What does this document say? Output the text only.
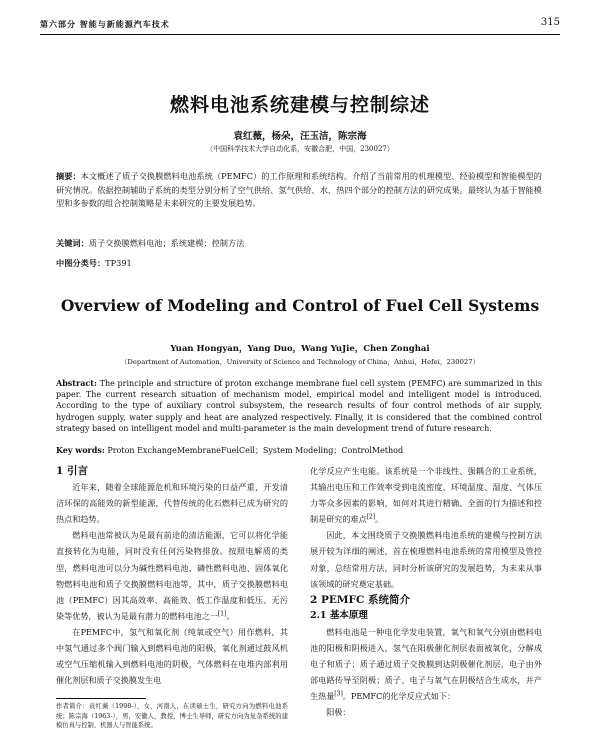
第六部分 智能与新能源汽车技术	315
燃料电池系统建模与控制综述
袁红薇，杨朵，汪玉洁，陈宗海
（中国科学技术大学自动化系，安徽合肥，中国，230027）
摘要：本文概述了质子交换膜燃料电池系统（PEMFC）的工作原理和系统结构。介绍了当前常用的机理模型、经验模型和智能模型的研究情况。依据控制辅助子系统的类型分别分析了空气供给、氢气供给、水、热四个部分的控制方法的研究成果。最终认为基于智能模型和多参数的组合控制策略是未来研究的主要发展趋势。
关键词：质子交换膜燃料电池；系统建模；控制方法
中图分类号：TP391
Overview of Modeling and Control of Fuel Cell Systems
Yuan Hongyan，Yang Duo，Wang YuJie，Chen Zonghai
（Department of Automation，University of Science and Technology of China，Anhui，Hefei，230027）
Abstract: The principle and structure of proton exchange membrane fuel cell system (PEMFC) are summarized in this paper. The current research situation of mechanism model, empirical model and intelligent model is introduced. According to the type of auxiliary control subsystem, the research results of four control methods of air supply, hydrogen supply, water supply and heat are analyzed respectively. Finally, it is considered that the combined control strategy based on intelligent model and multi-parameter is the main development trend of future research.
Key words: Proton ExchangeMembraneFuelCell；System Modeling；ControlMethod

1 引言

近年来，随着全球能源危机和环境污染的日益严重，开发清洁环保的高能效的新型能源，代替传统的化石燃料已成为研究的热点和趋势。

燃料电池常被认为是最有前途的清洁能源，它可以将化学能直接转化为电能，同时没有任何污染物排放。按照电解质的类型，燃料电池可以分为碱性燃料电池、磷性燃料电池、固体氧化物燃料电池和质子交换膜燃料电池等，其中，质子交换膜燃料电池（PEMFC）因其高效率、高能效、低工作温度和低压、无污染等优势，被认为是最有潜力的燃料电池之一[1]。

在PEMFC中，氢气和氧化剂（纯氧或空气）用作燃料，其中氢气通过多个阀门输入到燃料电池的阳极，氧化剂通过鼓风机或空气压缩机输入到燃料电池的阴极，气体燃料在电堆内部利用催化剂层和质子交换膜发生电

化学反应产生电能。该系统是一个非线性、强耦合的工业系统，其输出电压和工作效率受到电流密度、环境温度、湿度、气体压力等众多因素的影响，如何对其进行精确、全面的行为描述和控制是研究的难点[2]。

因此，本文围绕质子交换膜燃料电池系统的建模与控制方法展开较为详细的阐述，首在梳理燃料电池系统的常用模型及管控对象，总结常用方法，同时分析该研究的发展趋势，为未来从事该领域的研究奠定基础。

2 PEMFC 系统简介

2.1 基本原理

燃料电池是一种电化学发电装置，氧气和氧气分别由燃料电池的阳极和阴极进入，氢气在阳极催化剂层表面被氧化，分解成电子和质子；质子通过质子交换膜到达阴极催化剂层，电子由外部电路传导至阴极；质子、电子与氧气在阴极结合生成水，并产生热量[3]。PEMFC的化学反应式如下：

阳极：

作者简介：袁红薇（1998-），女，河南人，在读硕士生，研究方向为燃料电池系统；陈宗海（1963-），男，安徽人，教授，博士生导师，研究方向为复杂系统的建模仿真与控制、机器人与智能系统。
